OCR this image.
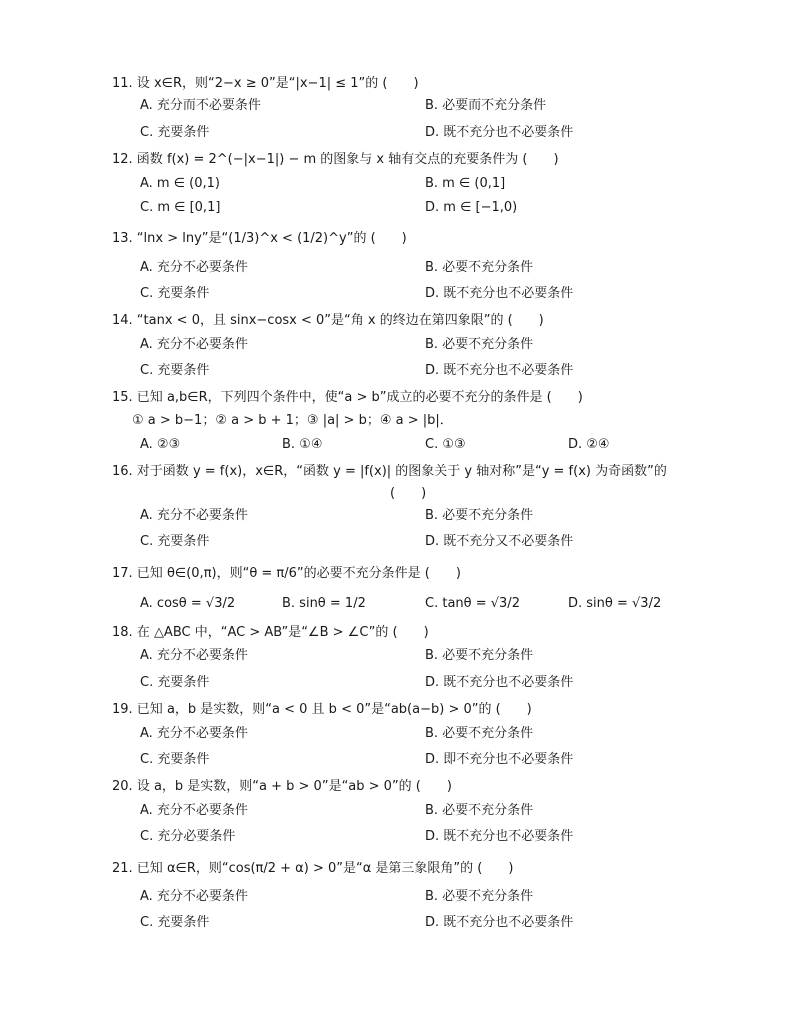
11. 设 x∈R，则“2−x ≥ 0”是“|x−1| ≤ 1”的 (　　)
A. 充分而不必要条件	B. 必要而不充分条件
C. 充要条件	D. 既不充分也不必要条件
12. 函数 f(x) = 2^(−|x−1|) − m 的图象与 x 轴有交点的充要条件为 (　　)
A. m ∈ (0,1)	B. m ∈ (0,1]
C. m ∈ [0,1]	D. m ∈ [−1,0)
13. “lnx > lny”是“(1/3)^x < (1/2)^y”的 (　　)
A. 充分不必要条件	B. 必要不充分条件
C. 充要条件	D. 既不充分也不必要条件
14. “tanx < 0，且 sinx−cosx < 0”是“角 x 的终边在第四象限”的 (　　)
A. 充分不必要条件	B. 必要不充分条件
C. 充要条件	D. 既不充分也不必要条件
15. 已知 a,b∈R，下列四个条件中，使“a > b”成立的必要不充分的条件是 (　　)
① a > b−1；② a > b + 1；③ |a| > b；④ a > |b|．
A. ②③	B. ①④	C. ①③	D. ②④
16. 对于函数 y = f(x)，x∈R，“函数 y = |f(x)| 的图象关于 y 轴对称”是“y = f(x) 为奇函数”的
(　　)
A. 充分不必要条件	B. 必要不充分条件
C. 充要条件	D. 既不充分又不必要条件
17. 已知 θ∈(0,π)，则“θ = π/6”的必要不充分条件是 (　　)
A. cosθ = √3/2	B. sinθ = 1/2	C. tanθ = √3/2	D. sinθ = √3/2
18. 在 △ABC 中，“AC > AB”是“∠B > ∠C”的 (　　)
A. 充分不必要条件	B. 必要不充分条件
C. 充要条件	D. 既不充分也不必要条件
19. 已知 a，b 是实数，则“a < 0 且 b < 0”是“ab(a−b) > 0”的 (　　)
A. 充分不必要条件	B. 必要不充分条件
C. 充要条件	D. 即不充分也不必要条件
20. 设 a，b 是实数，则“a + b > 0”是“ab > 0”的 (　　)
A. 充分不必要条件	B. 必要不充分条件
C. 充分必要条件	D. 既不充分也不必要条件
21. 已知 α∈R，则“cos(π/2 + α) > 0”是“α 是第三象限角”的 (　　)
A. 充分不必要条件	B. 必要不充分条件
C. 充要条件	D. 既不充分也不必要条件
